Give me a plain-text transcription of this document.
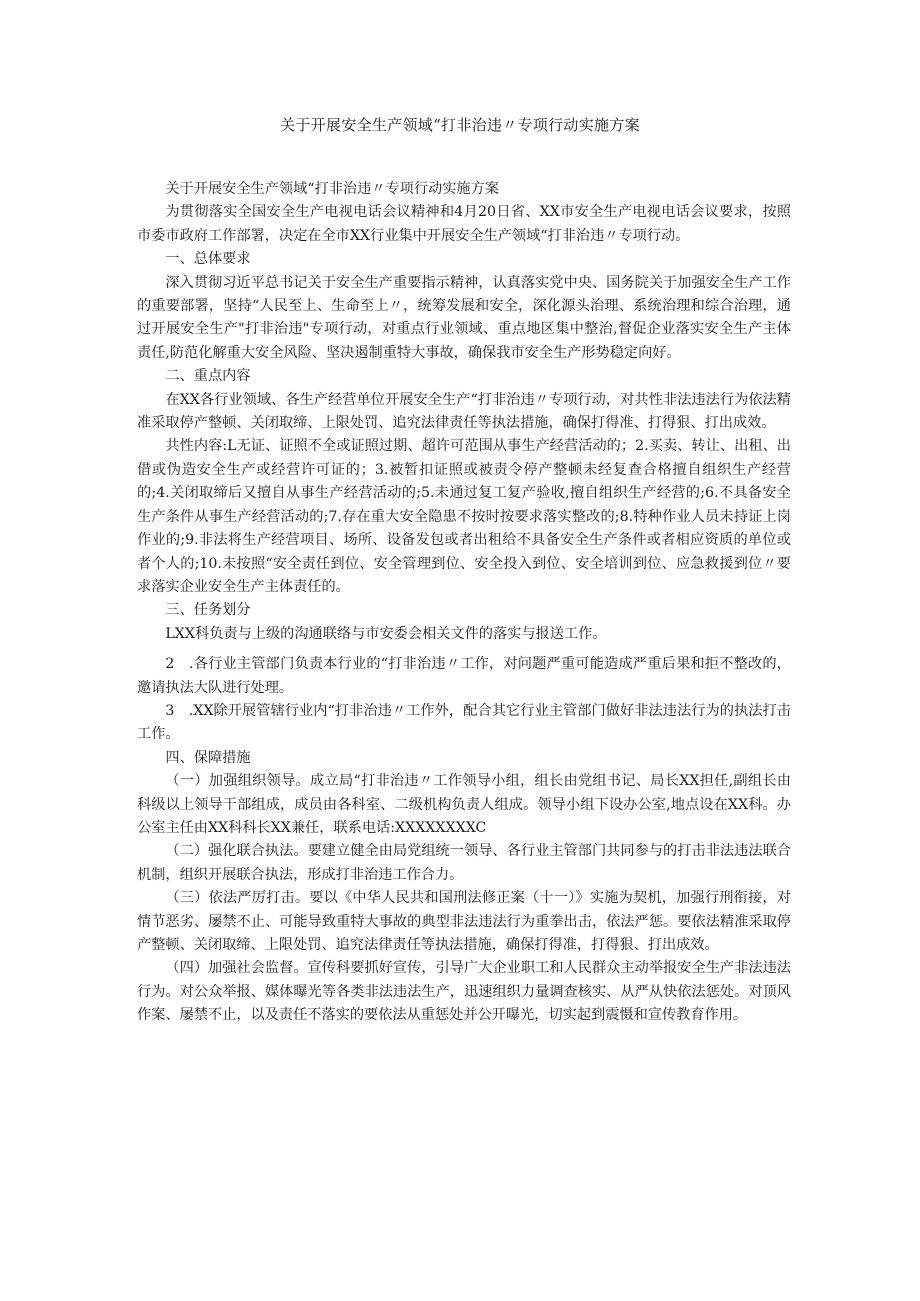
关于开展安全生产领域“打非治违〃专项行动实施方案

关于开展安全生产领域“打非治违〃专项行动实施方案

为贯彻落实全国安全生产电视电话会议精神和4月20日省、XX市安全生产电视电话会议要求，按照市委市政府工作部署，决定在全市XX行业集中开展安全生产领域“打非治违〃专项行动。

一、总体要求

深入贯彻习近平总书记关于安全生产重要指示精神，认真落实党中央、国务院关于加强安全生产工作的重要部署，坚持“人民至上、生命至上〃，统筹发展和安全，深化源头治理、系统治理和综合治理，通过开展安全生产"打非治违"专项行动，对重点行业领域、重点地区集中整治,督促企业落实安全生产主体责任,防范化解重大安全风险、坚决遏制重特大事故，确保我市安全生产形势稳定向好。

二、重点内容

在XX各行业领域、各生产经营单位开展安全生产“打非治违〃专项行动，对共性非法违法行为依法精准采取停产整顿、关闭取缔、上限处罚、追究法律责任等执法措施，确保打得准、打得狠、打出成效。

共性内容:L无证、证照不全或证照过期、超许可范围从事生产经营活动的；2.买卖、转让、出租、出借或伪造安全生产或经营许可证的；3.被暂扣证照或被责令停产整顿未经复查合格擅自组织生产经营的;4.关闭取缔后又擅自从事生产经营活动的;5.未通过复工复产验收,擅自组织生产经营的;6.不具备安全生产条件从事生产经营活动的;7.存在重大安全隐患不按时按要求落实整改的;8.特种作业人员未持证上岗作业的;9.非法将生产经营项目、场所、设备发包或者出租给不具备安全生产条件或者相应资质的单位或者个人的;10.未按照“安全责任到位、安全管理到位、安全投入到位、安全培训到位、应急救援到位〃要求落实企业安全生产主体责任的。

三、任务划分

LXX科负责与上级的沟通联络与市安委会相关文件的落实与报送工作。

2　.各行业主管部门负责本行业的“打非治违〃工作，对问题严重可能造成严重后果和拒不整改的，邀请执法大队进行处理。

3　.XX除开展管辖行业内“打非治违〃工作外，配合其它行业主管部门做好非法违法行为的执法打击工作。

四、保障措施

（一）加强组织领导。成立局“打非治违〃工作领导小组，组长由党组书记、局长XX担任,副组长由科级以上领导干部组成，成员由各科室、二级机构负责人组成。领导小组下设办公室,地点设在XX科。办公室主任由XX科科长XX兼任，联系电话:XXXXXXXXC

（二）强化联合执法。要建立健全由局党组统一领导、各行业主管部门共同参与的打击非法违法联合机制，组织开展联合执法，形成打非治违工作合力。

（三）依法严厉打击。要以《中华人民共和国刑法修正案（十一）》实施为契机，加强行刑衔接，对情节恶劣、屡禁不止、可能导致重特大事故的典型非法违法行为重拳出击，依法严惩。要依法精准采取停产整顿、关闭取缔、上限处罚、追究法律责任等执法措施，确保打得准，打得狠、打出成效。

（四）加强社会监督。宣传科要抓好宣传，引导广大企业职工和人民群众主动举报安全生产非法违法行为。对公众举报、媒体曝光等各类非法违法生产，迅速组织力量调查核实、从严从快依法惩处。对顶风作案、屡禁不止，以及责任不落实的要依法从重惩处并公开曝光，切实起到震慑和宣传教育作用。
